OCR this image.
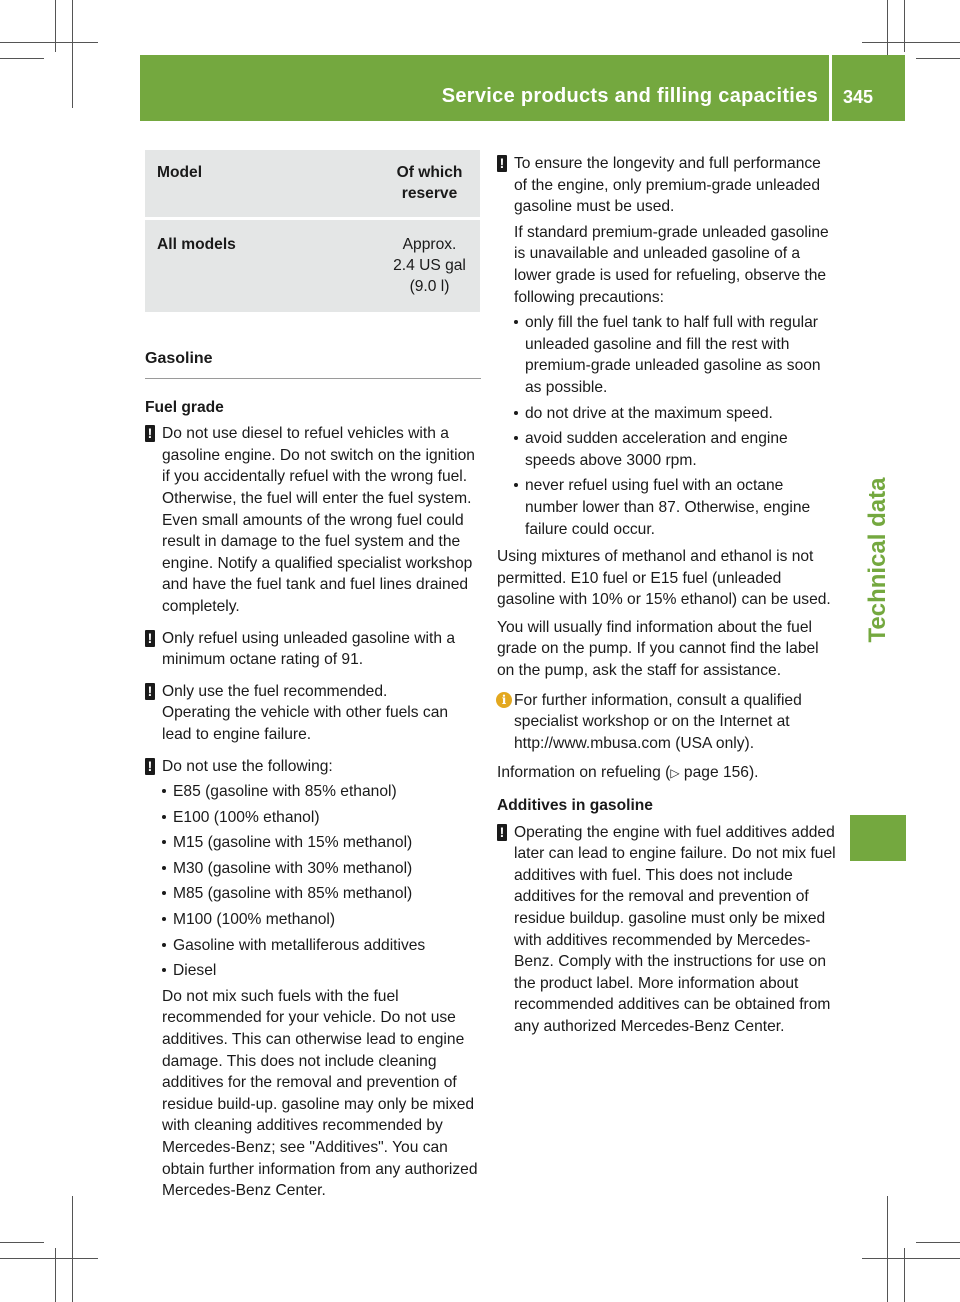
Service products and filling capacities 345
Technical data
Model	Of which reserve

All models	Approx.
2.4 US gal
(9.0 l)
Gasoline
Fuel grade
! Do not use diesel to refuel vehicles with a gasoline engine. Do not switch on the ignition if you accidentally refuel with the wrong fuel. Otherwise, the fuel will enter the fuel system. Even small amounts of the wrong fuel could result in damage to the fuel system and the engine. Notify a qualified specialist workshop and have the fuel tank and fuel lines drained completely.
! Only refuel using unleaded gasoline with a minimum octane rating of 91.
! Only use the fuel recommended.
Operating the vehicle with other fuels can lead to engine failure.
! Do not use the following:
E85 (gasoline with 85% ethanol)
E100 (100% ethanol)
M15 (gasoline with 15% methanol)
M30 (gasoline with 30% methanol)
M85 (gasoline with 85% methanol)
M100 (100% methanol)
Gasoline with metalliferous additives
Diesel
Do not mix such fuels with the fuel recommended for your vehicle. Do not use additives. This can otherwise lead to engine damage. This does not include cleaning additives for the removal and prevention of residue build-up. gasoline may only be mixed with cleaning additives recommended by Mercedes-Benz; see "Additives". You can obtain further information from any authorized Mercedes-Benz Center.
! To ensure the longevity and full performance of the engine, only premium-grade unleaded gasoline must be used.
If standard premium-grade unleaded gasoline is unavailable and unleaded gasoline of a lower grade is used for refueling, observe the following precautions:
only fill the fuel tank to half full with regular unleaded gasoline and fill the rest with premium-grade unleaded gasoline as soon as possible.
do not drive at the maximum speed.
avoid sudden acceleration and engine speeds above 3000 rpm.
never refuel using fuel with an octane number lower than 87. Otherwise, engine failure could occur.
Using mixtures of methanol and ethanol is not permitted. E10 fuel or E15 fuel (unleaded gasoline with 10% or 15% ethanol) can be used.
You will usually find information about the fuel grade on the pump. If you cannot find the label on the pump, ask the staff for assistance.
i For further information, consult a qualified specialist workshop or on the Internet at http://www.mbusa.com (USA only).
Information on refueling (▷ page 156).
Additives in gasoline
! Operating the engine with fuel additives added later can lead to engine failure. Do not mix fuel additives with fuel. This does not include additives for the removal and prevention of residue buildup. gasoline must only be mixed with additives recommended by Mercedes-Benz. Comply with the instructions for use on the product label. More information about recommended additives can be obtained from any authorized Mercedes-Benz Center.
